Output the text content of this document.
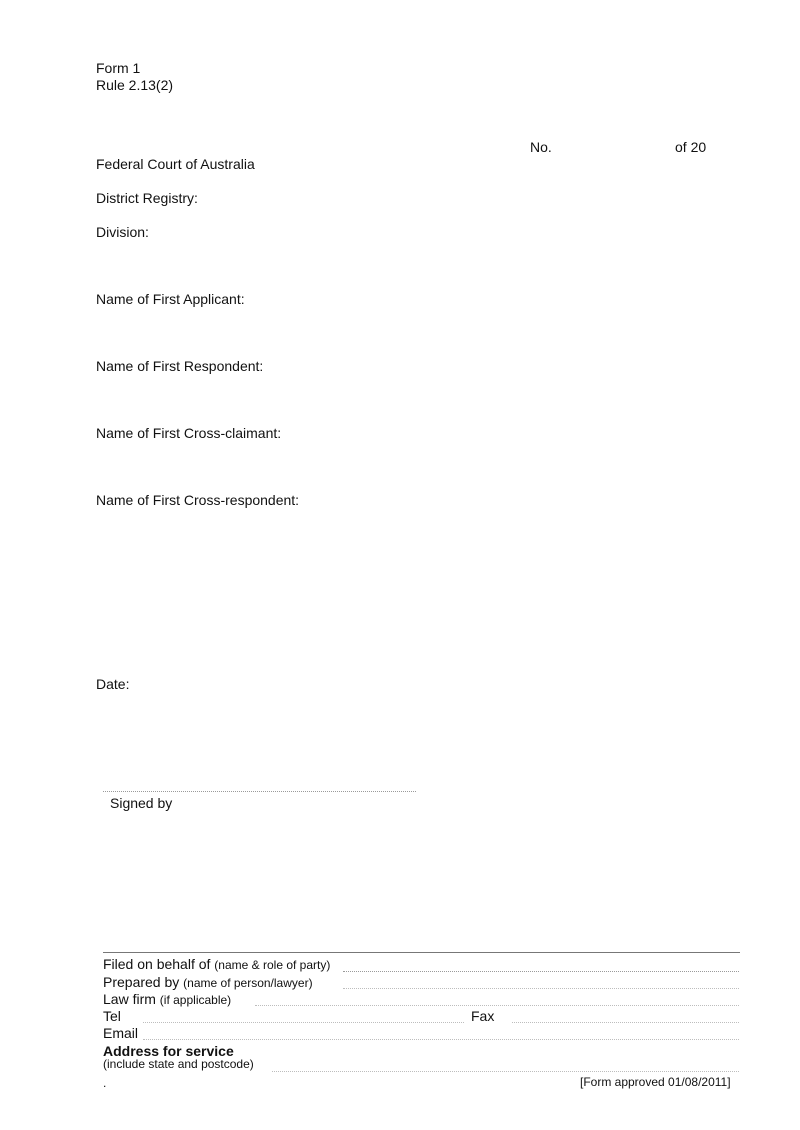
Form 1
Rule 2.13(2)
No.	of 20
Federal Court of Australia
District Registry:
Division:
Name of First Applicant:
Name of First Respondent:
Name of First Cross-claimant:
Name of First Cross-respondent:
Date:
Signed by
Filed on behalf of (name & role of party)
Prepared by (name of person/lawyer)
Law firm (if applicable)
Tel	Fax
Email
Address for service
(include state and postcode)
.	[Form approved 01/08/2011]
